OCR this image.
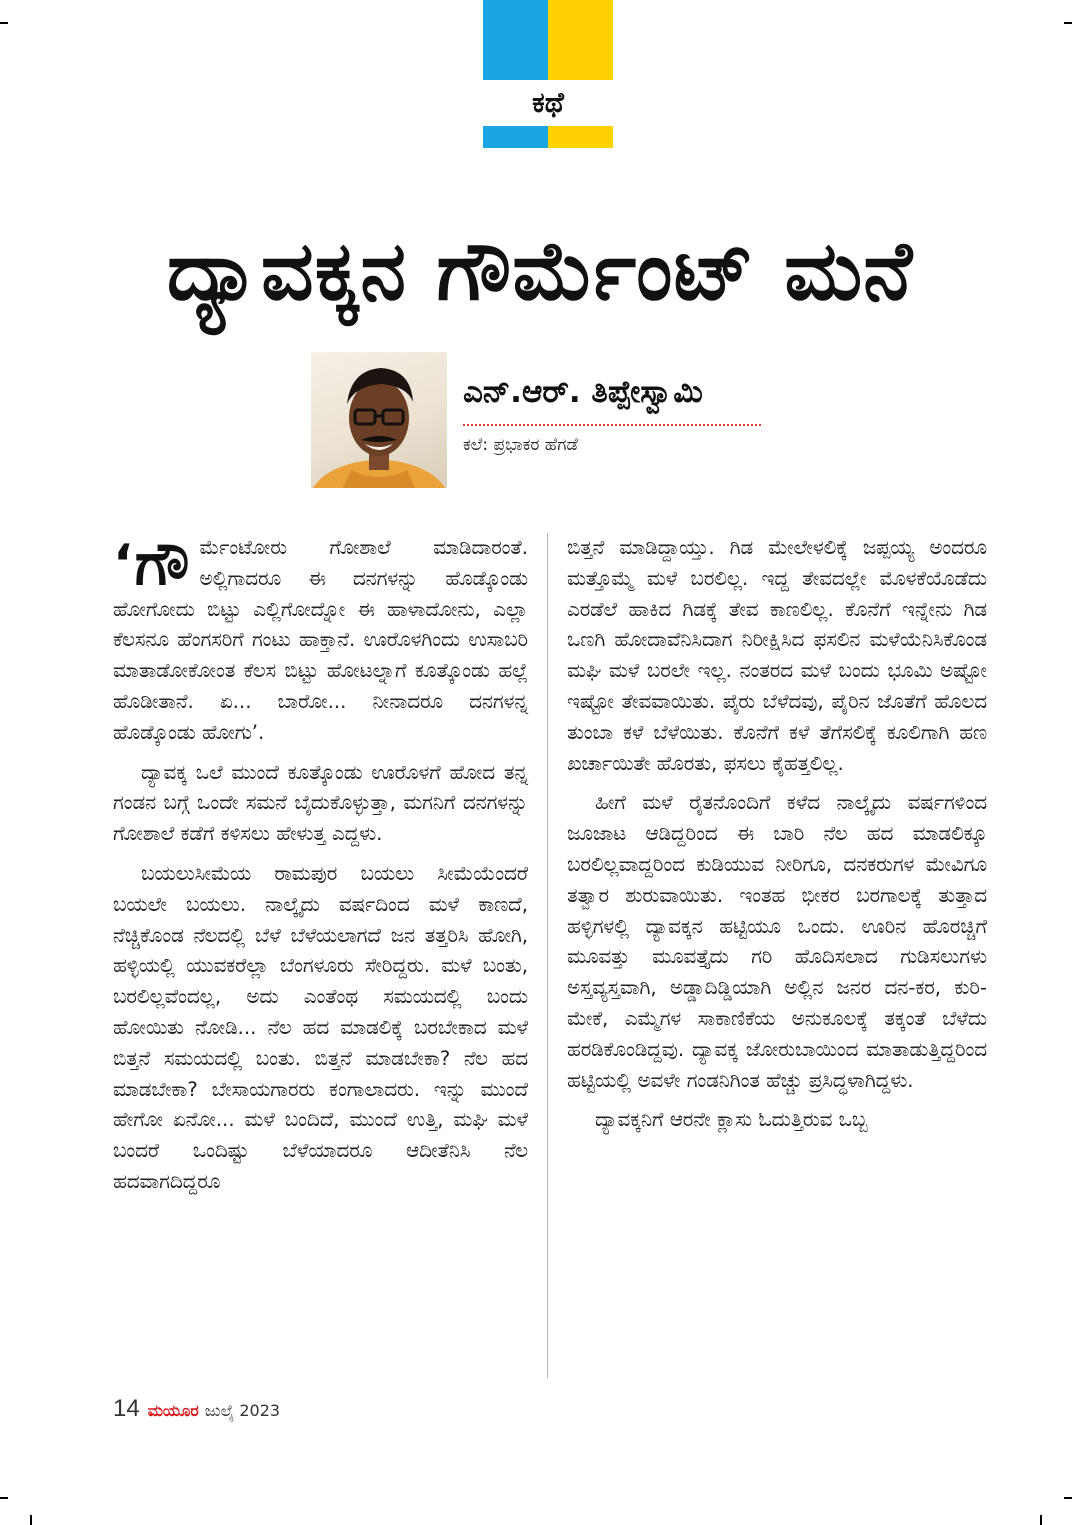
ಕಥೆ
ದ್ಯಾವಕ್ಕನ ಗೌರ್ಮೆಂಟ್ ಮನೆ
ಎನ್.ಆರ್. ತಿಪ್ಪೇಸ್ವಾಮಿ
ಕಲೆ: ಪ್ರಭಾಕರ ಹೆಗಡೆ

‘ಗೌ ರ್ಮೆಂಟೋರು ಗೋಶಾಲೆ ಮಾಡಿದಾರಂತೆ. ಅಲ್ಲಿಗಾದರೂ ಈ ದನಗಳನ್ನು ಹೊಡ್ಕೊಂಡು ಹೋಗೋದು ಬಿಟ್ಟು ಎಲ್ಲಿಗೋದ್ನೋ ಈ ಹಾಳಾದೋನು, ಎಲ್ಲಾ ಕೆಲಸನೂ ಹೆಂಗಸರಿಗೆ ಗಂಟು ಹಾಕ್ತಾನೆ. ಊರೊಳಗಿಂದು ಉಸಾಬರಿ ಮಾತಾಡೋಕೋಂತ ಕೆಲಸ ಬಿಟ್ಟು ಹೋಟಲ್ನಾಗೆ ಕೂತ್ಕೊಂಡು ಹಲ್ಲೆ ಹೊಡೀತಾನೆ. ಏ... ಬಾರೋ... ನೀನಾದರೂ ದನಗಳನ್ನ ಹೊಡ್ಕೊಂಡು ಹೋಗು’.

ದ್ಯಾವಕ್ಕ ಒಲೆ ಮುಂದೆ ಕೂತ್ಕೊಂಡು ಊರೊಳಗೆ ಹೋದ ತನ್ನ ಗಂಡನ ಬಗ್ಗೆ ಒಂದೇ ಸಮನೆ ಬೈದುಕೊಳ್ಳುತ್ತಾ, ಮಗನಿಗೆ ದನಗಳನ್ನು ಗೋಶಾಲೆ ಕಡೆಗೆ ಕಳಿಸಲು ಹೇಳುತ್ತ ಎದ್ದಳು.

ಬಯಲುಸೀಮೆಯ ರಾಮಪುರ ಬಯಲು ಸೀಮೆಯೆಂದರೆ ಬಯಲೇ ಬಯಲು. ನಾಲ್ಕೈದು ವರ್ಷದಿಂದ ಮಳೆ ಕಾಣದೆ, ನೆಚ್ಚಿಕೊಂಡ ನೆಲದಲ್ಲಿ ಬೆಳೆ ಬೆಳೆಯಲಾಗದೆ ಜನ ತತ್ತರಿಸಿ ಹೋಗಿ, ಹಳ್ಳಿಯಲ್ಲಿ ಯುವಕರೆಲ್ಲಾ ಬೆಂಗಳೂರು ಸೇರಿದ್ದರು. ಮಳೆ ಬಂತು, ಬರಲಿಲ್ಲವೆಂದಲ್ಲ, ಅದು ಎಂತೆಂಥ ಸಮಯದಲ್ಲಿ ಬಂದು ಹೋಯಿತು ನೋಡಿ... ನೆಲ ಹದ ಮಾಡಲಿಕ್ಕೆ ಬರಬೇಕಾದ ಮಳೆ ಬಿತ್ತನೆ ಸಮಯದಲ್ಲಿ ಬಂತು. ಬಿತ್ತನೆ ಮಾಡಬೇಕಾ? ನೆಲ ಹದ ಮಾಡಬೇಕಾ? ಬೇಸಾಯಗಾರರು ಕಂಗಾಲಾದರು. ಇನ್ನು ಮುಂದೆ ಹೇಗೋ ಏನೋ... ಮಳೆ ಬಂದಿದೆ, ಮುಂದೆ ಉತ್ತಿ, ಮಘಿ ಮಳೆ ಬಂದರೆ ಒಂದಿಷ್ಟು ಬೆಳೆಯಾದರೂ ಆದೀತೆನಿಸಿ ನೆಲ ಹದವಾಗದಿದ್ದರೂ

ಬಿತ್ತನೆ ಮಾಡಿದ್ದಾಯ್ತು. ಗಿಡ ಮೇಲೇಳಲಿಕ್ಕೆ ಜಪ್ಪಯ್ಯ ಅಂದರೂ ಮತ್ತೊಮ್ಮೆ ಮಳೆ ಬರಲಿಲ್ಲ. ಇದ್ದ ತೇವದಲ್ಲೇ ಮೊಳಕೆಯೊಡೆದು ಎರಡೆಲೆ ಹಾಕಿದ ಗಿಡಕ್ಕೆ ತೇವ ಕಾಣಲಿಲ್ಲ. ಕೊನೆಗೆ ಇನ್ನೇನು ಗಿಡ ಒಣಗಿ ಹೋದಾವೆನಿಸಿದಾಗ ನಿರೀಕ್ಷಿಸಿದ ಫಸಲಿನ ಮಳೆಯೆನಿಸಿಕೊಂಡ ಮಘಿ ಮಳೆ ಬರಲೇ ಇಲ್ಲ. ನಂತರದ ಮಳೆ ಬಂದು ಭೂಮಿ ಅಷ್ಟೋ ಇಷ್ಟೋ ತೇವವಾಯಿತು. ಪೈರು ಬೆಳೆದವು, ಪೈರಿನ ಜೊತೆಗೆ ಹೊಲದ ತುಂಬಾ ಕಳೆ ಬೆಳೆಯಿತು. ಕೊನೆಗೆ ಕಳೆ ತೆಗೆಸಲಿಕ್ಕೆ ಕೂಲಿಗಾಗಿ ಹಣ ಖರ್ಚಾಯಿತೇ ಹೊರತು, ಫಸಲು ಕೈಹತ್ತಲಿಲ್ಲ.

ಹೀಗೆ ಮಳೆ ರೈತನೊಂದಿಗೆ ಕಳೆದ ನಾಲ್ಕೈದು ವರ್ಷಗಳಿಂದ ಜೂಜಾಟ ಆಡಿದ್ದರಿಂದ ಈ ಬಾರಿ ನೆಲ ಹದ ಮಾಡಲಿಕ್ಕೂ ಬರಲಿಲ್ಲವಾದ್ದರಿಂದ ಕುಡಿಯುವ ನೀರಿಗೂ, ದನಕರುಗಳ ಮೇವಿಗೂ ತತ್ವಾರ ಶುರುವಾಯಿತು. ಇಂತಹ ಭೀಕರ ಬರಗಾಲಕ್ಕೆ ತುತ್ತಾದ ಹಳ್ಳಿಗಳಲ್ಲಿ ದ್ಯಾವಕ್ಕನ ಹಟ್ಟಿಯೂ ಒಂದು. ಊರಿನ ಹೊರಚ್ಚಿಗೆ ಮೂವತ್ತು ಮೂವತ್ತೈದು ಗರಿ ಹೊದಿಸಲಾದ ಗುಡಿಸಲುಗಳು ಅಸ್ತವ್ಯಸ್ತವಾಗಿ, ಅಡ್ಡಾದಿಡ್ಡಿಯಾಗಿ ಅಲ್ಲಿನ ಜನರ ದನ-ಕರ, ಕುರಿ-ಮೇಕೆ, ಎಮ್ಮೆಗಳ ಸಾಕಾಣಿಕೆಯ ಅನುಕೂಲಕ್ಕೆ ತಕ್ಕಂತೆ ಬೆಳೆದು ಹರಡಿಕೊಂಡಿದ್ದವು. ದ್ಯಾವಕ್ಕ ಜೋರುಬಾಯಿಂದ ಮಾತಾಡುತ್ತಿದ್ದರಿಂದ ಹಟ್ಟಿಯಲ್ಲಿ ಅವಳೇ ಗಂಡನಿಗಿಂತ ಹೆಚ್ಚು ಪ್ರಸಿದ್ಧಳಾಗಿದ್ದಳು.

ದ್ಯಾವಕ್ಕನಿಗೆ ಆರನೇ ಕ್ಲಾಸು ಓದುತ್ತಿರುವ ಒಬ್ಬ

14 ಮಯೂರ ಜುಲೈ 2023
